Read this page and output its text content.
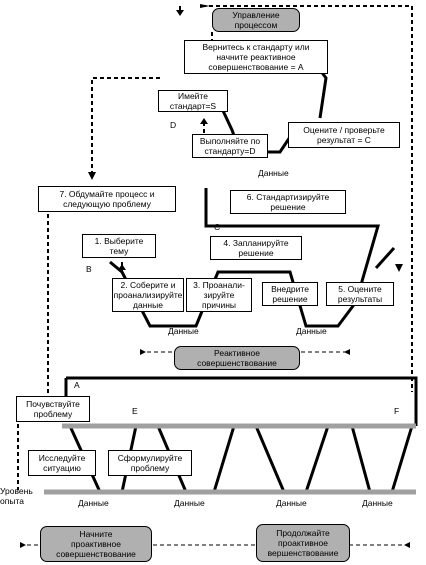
Управление
процессом
Вернитесь к стандарту или
начните реактивное
совершенствование = A
Имейте
стандарт=S
Выполняйте по
стандарту=D
Оцените / проверьте
результат = C
Данные
D
7. Обдумайте процесс и
следующую проблему
6. Стандартизируйте
решение
C
1. Выберите
тему
B
2. Соберите и
проанализируйте
данные
3. Проанали-
зируйте
причины
4. Запланируйте
решение
Внедрите
решение
5. Оцените
результаты
Данные	Данные
Реактивное
совершенствование
A
Почувствуйте
проблему	E	F
Исследуйте
ситуацию
Сформулируйте
проблему
Уровень
опыта	Данные	Данные	Данные	Данные
Начните
проактивное
совершенствование
Продолжайте
проактивное
вершенствование
